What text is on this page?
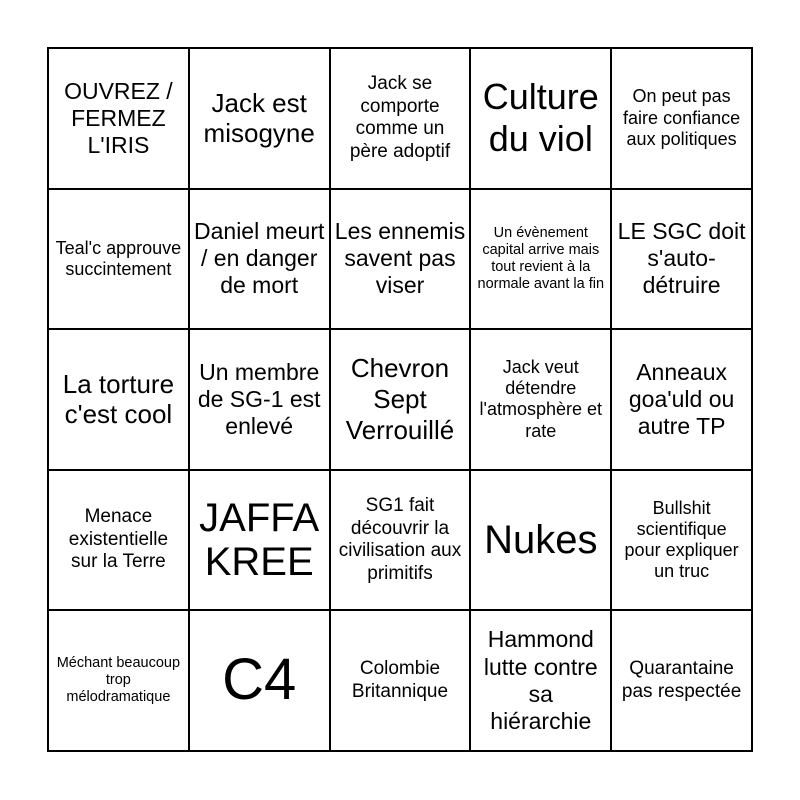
OUVREZ / FERMEZ L'IRIS
Jack est misogyne
Jack se comporte comme un père adoptif
Culture du viol
On peut pas faire confiance aux politiques
Teal'c approuve succintement
Daniel meurt / en danger de mort
Les ennemis savent pas viser
Un évènement capital arrive mais tout revient à la normale avant la fin
LE SGC doit s'auto-détruire
La torture c'est cool
Un membre de SG-1 est enlevé
Chevron Sept Verrouillé
Jack veut détendre l'atmosphère et rate
Anneaux goa'uld ou autre TP
Menace existentielle sur la Terre
JAFFA KREE
SG1 fait découvrir la civilisation aux primitifs
Nukes
Bullshit scientifique pour expliquer un truc
Méchant beaucoup trop mélodramatique C4	Colombie Britannique
Hammond lutte contre sa hiérarchie
Quarantaine pas respectée
